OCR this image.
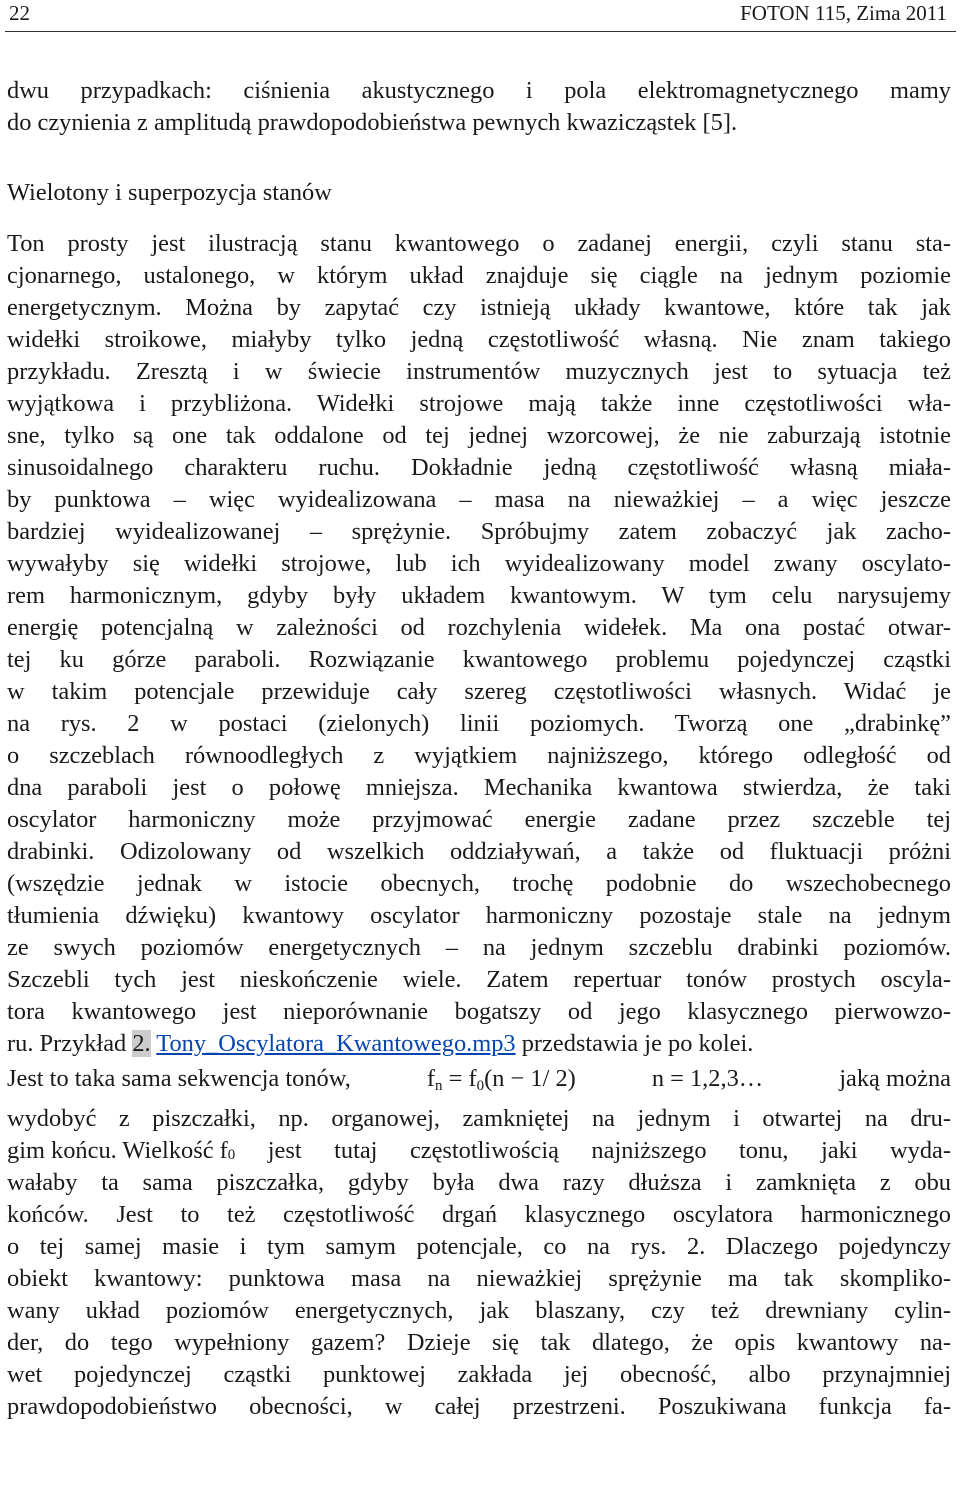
22	FOTON 115, Zima 2011
dwu przypadkach: ciśnienia akustycznego i pola elektromagnetycznego mamy
do czynienia z amplitudą prawdopodobieństwa pewnych kwazicząstek [5].
Wielotony i superpozycja stanów
Ton prosty jest ilustracją stanu kwantowego o zadanej energii, czyli stanu sta-
cjonarnego, ustalonego, w którym układ znajduje się ciągle na jednym poziomie
energetycznym. Można by zapytać czy istnieją układy kwantowe, które tak jak
widełki stroikowe, miałyby tylko jedną częstotliwość własną. Nie znam takiego
przykładu. Zresztą i w świecie instrumentów muzycznych jest to sytuacja też
wyjątkowa i przybliżona. Widełki strojowe mają także inne częstotliwości wła-
sne, tylko są one tak oddalone od tej jednej wzorcowej, że nie zaburzają istotnie
sinusoidalnego charakteru ruchu. Dokładnie jedną częstotliwość własną miała-
by punktowa – więc wyidealizowana – masa na nieważkiej – a więc jeszcze
bardziej wyidealizowanej – sprężynie. Spróbujmy zatem zobaczyć jak zacho-
wywałyby się widełki strojowe, lub ich wyidealizowany model zwany oscylato-
rem harmonicznym, gdyby były układem kwantowym. W tym celu narysujemy
energię potencjalną w zależności od rozchylenia widełek. Ma ona postać otwar-
tej ku górze paraboli. Rozwiązanie kwantowego problemu pojedynczej cząstki
w takim potencjale przewiduje cały szereg częstotliwości własnych. Widać je
na rys. 2 w postaci (zielonych) linii poziomych. Tworzą one „drabinkę”
o szczeblach równoodległych z wyjątkiem najniższego, którego odległość od
dna paraboli jest o połowę mniejsza. Mechanika kwantowa stwierdza, że taki
oscylator harmoniczny może przyjmować energie zadane przez szczeble tej
drabinki. Odizolowany od wszelkich oddziaływań, a także od fluktuacji próżni
(wszędzie jednak w istocie obecnych, trochę podobnie do wszechobecnego
tłumienia dźwięku) kwantowy oscylator harmoniczny pozostaje stale na jednym
ze swych poziomów energetycznych – na jednym szczeblu drabinki poziomów.
Szczebli tych jest nieskończenie wiele. Zatem repertuar tonów prostych oscyla-
tora kwantowego jest nieporównanie bogatszy od jego klasycznego pierwowzo-
ru. Przykład 2. Tony_Oscylatora_Kwantowego.mp3 przedstawia je po kolei.
Jest to taka sama sekwencja tonów,	$f_n = f_0(n - 1/$ 2)	n = 1,2,3…	jaką można
wydobyć z piszczałki, np. organowej, zamkniętej na jednym i otwartej na dru-
gim końcu. Wielkość f 0 jest tutaj częstotliwością najniższego tonu, jaki wyda-
wałaby ta sama piszczałka, gdyby była dwa razy dłuższa i zamknięta z obu
końców. Jest to też częstotliwość drgań klasycznego oscylatora harmonicznego
o tej samej masie i tym samym potencjale, co na rys. 2. Dlaczego pojedynczy
obiekt kwantowy: punktowa masa na nieważkiej sprężynie ma tak skompliko-
wany układ poziomów energetycznych, jak blaszany, czy też drewniany cylin-
der, do tego wypełniony gazem? Dzieje się tak dlatego, że opis kwantowy na-
wet pojedynczej cząstki punktowej zakłada jej obecność, albo przynajmniej
prawdopodobieństwo obecności, w całej przestrzeni. Poszukiwana funkcja fa-
